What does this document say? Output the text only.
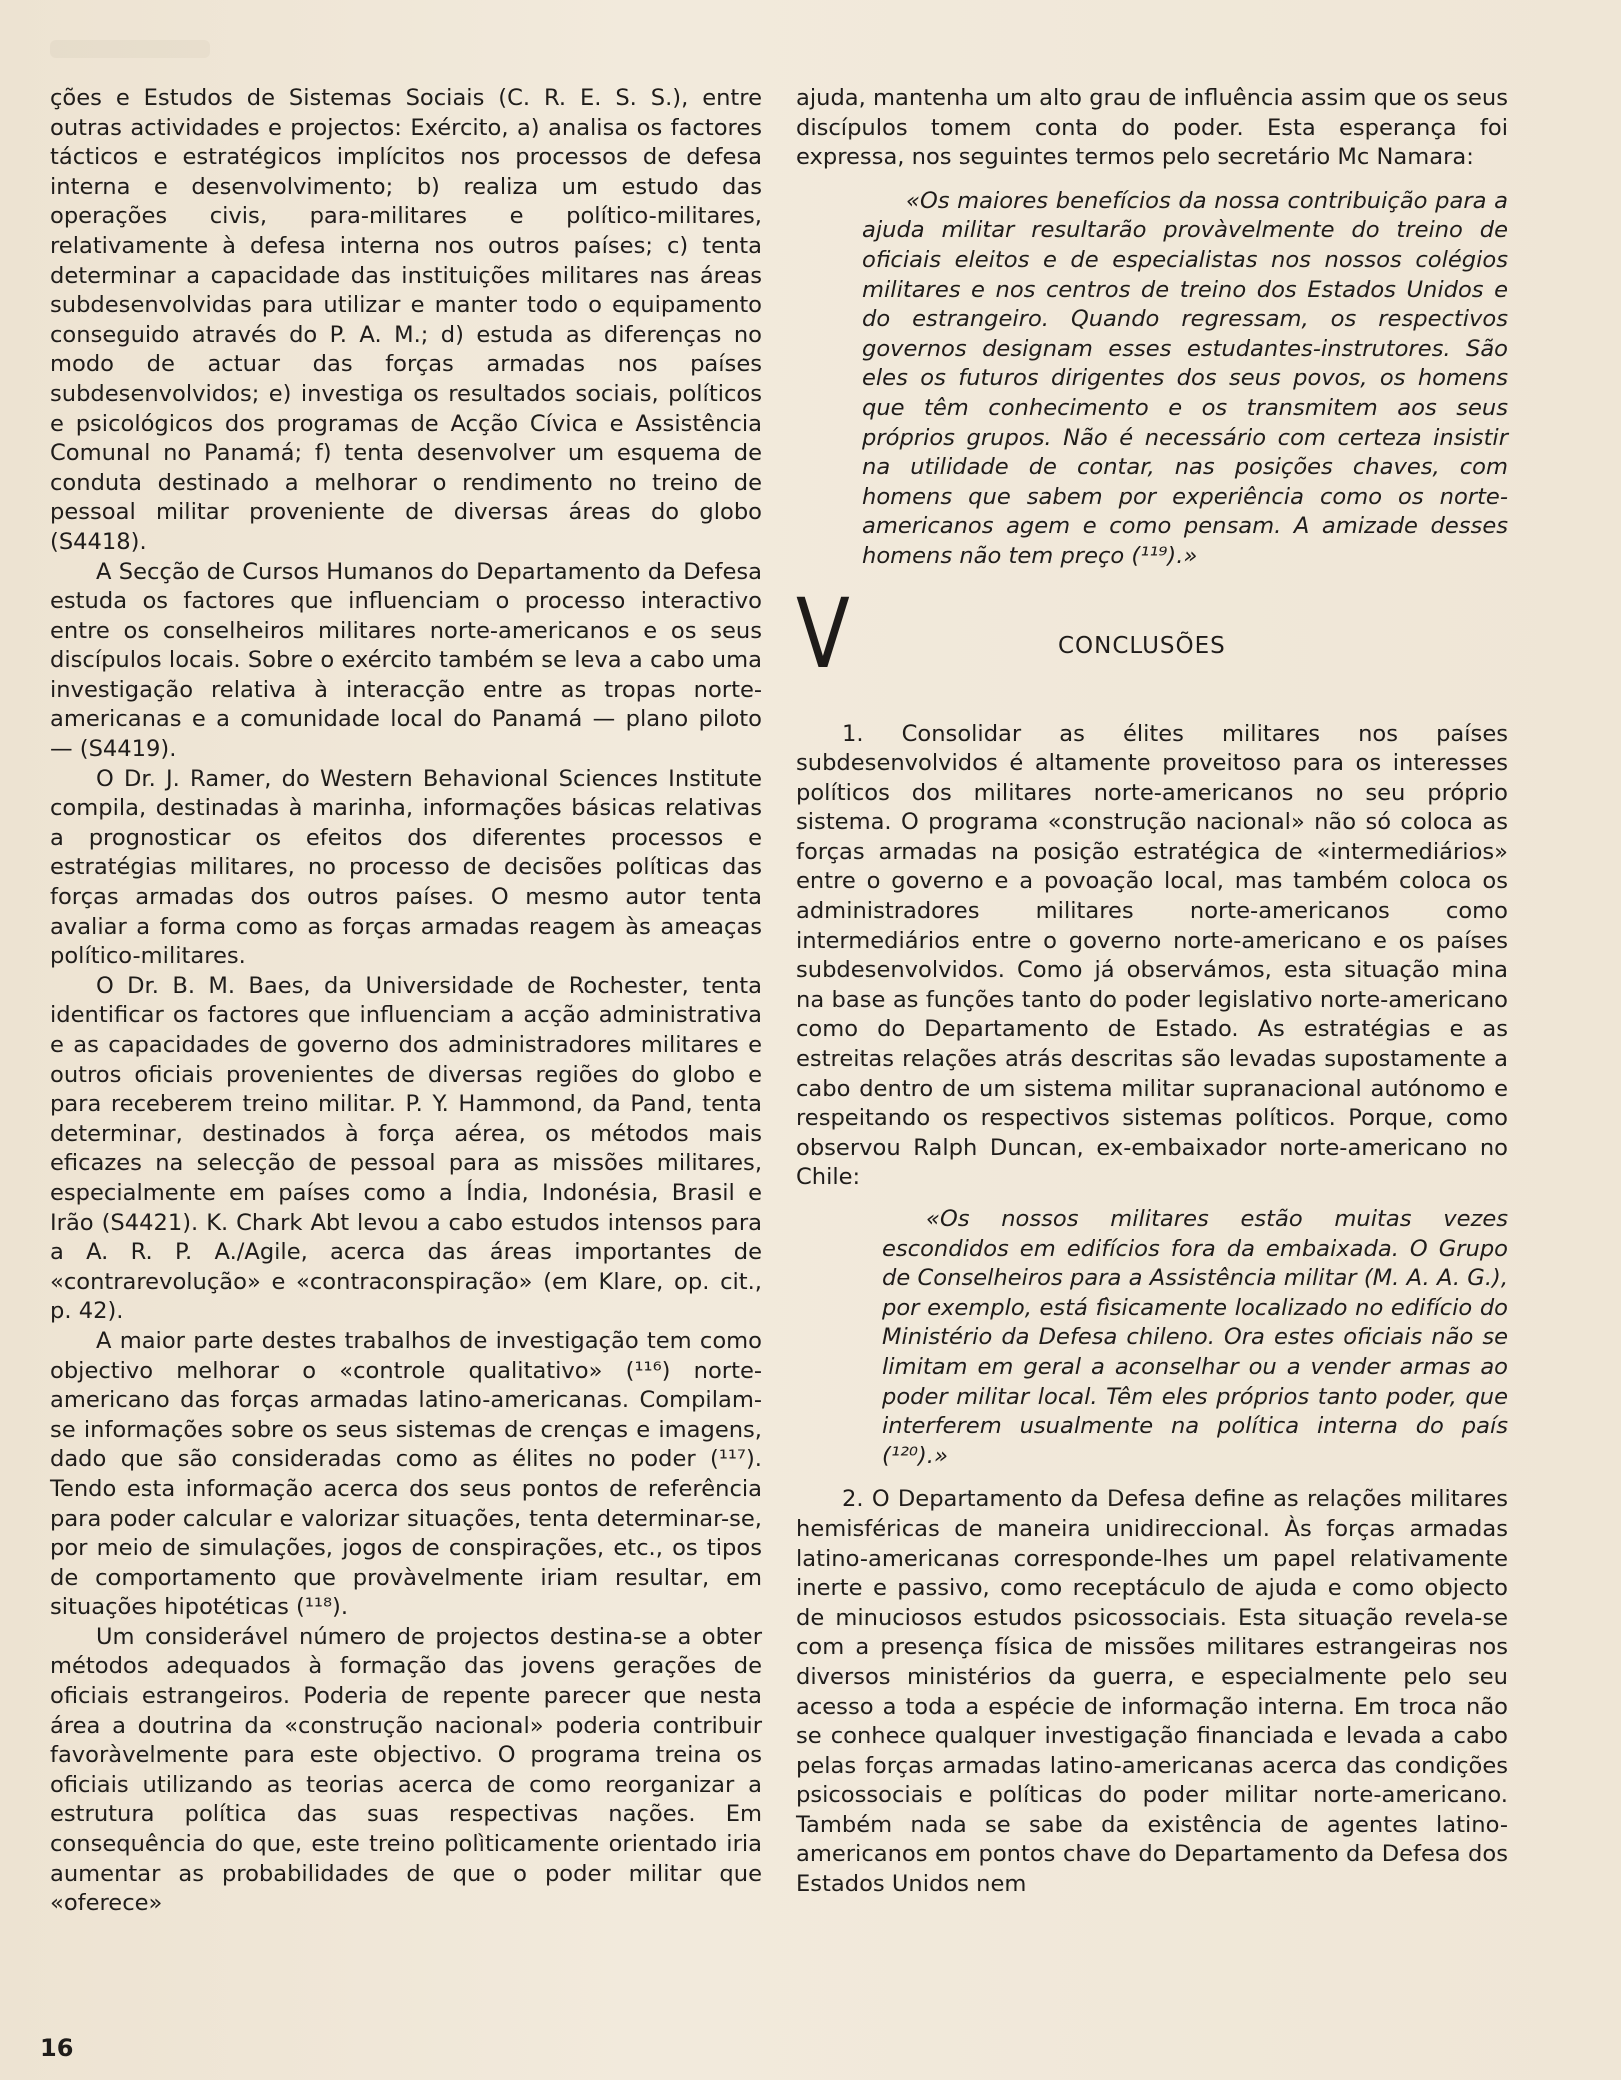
ções e Estudos de Sistemas Sociais (C. R. E. S. S.), entre outras actividades e projectos: Exército, a) analisa os factores tácticos e estratégicos implícitos nos processos de defesa interna e desenvolvimento; b) realiza um estudo das operações civis, para-militares e político-militares, relativamente à defesa interna nos outros países; c) tenta determinar a capacidade das instituições militares nas áreas subdesenvolvidas para utilizar e manter todo o equipamento conseguido através do P. A. M.; d) estuda as diferenças no modo de actuar das forças armadas nos países subdesenvolvidos; e) investiga os resultados sociais, políticos e psicológicos dos programas de Acção Cívica e Assistência Comunal no Panamá; f) tenta desenvolver um esquema de conduta destinado a melhorar o rendimento no treino de pessoal militar proveniente de diversas áreas do globo (S4418).

A Secção de Cursos Humanos do Departamento da Defesa estuda os factores que influenciam o processo interactivo entre os conselheiros militares norte-americanos e os seus discípulos locais. Sobre o exército também se leva a cabo uma investigação relativa à interacção entre as tropas norte-americanas e a comunidade local do Panamá — plano piloto — (S4419).

O Dr. J. Ramer, do Western Behavional Sciences Institute compila, destinadas à marinha, informações básicas relativas a prognosticar os efeitos dos diferentes processos e estratégias militares, no processo de decisões políticas das forças armadas dos outros países. O mesmo autor tenta avaliar a forma como as forças armadas reagem às ameaças político-militares.

O Dr. B. M. Baes, da Universidade de Rochester, tenta identificar os factores que influenciam a acção administrativa e as capacidades de governo dos administradores militares e outros oficiais provenientes de diversas regiões do globo e para receberem treino militar. P. Y. Hammond, da Pand, tenta determinar, destinados à força aérea, os métodos mais eficazes na selecção de pessoal para as missões militares, especialmente em países como a Índia, Indonésia, Brasil e Irão (S4421). K. Chark Abt levou a cabo estudos intensos para a A. R. P. A./Agile, acerca das áreas importantes de «contrarevolução» e «contraconspiração» (em Klare, op. cit., p. 42).

A maior parte destes trabalhos de investigação tem como objectivo melhorar o «controle qualitativo» (¹¹⁶) norte-americano das forças armadas latino-americanas. Compilam-se informações sobre os seus sistemas de crenças e imagens, dado que são consideradas como as élites no poder (¹¹⁷). Tendo esta informação acerca dos seus pontos de referência para poder calcular e valorizar situações, tenta determinar-se, por meio de simulações, jogos de conspirações, etc., os tipos de comportamento que provàvelmente iriam resultar, em situações hipotéticas (¹¹⁸).

Um considerável número de projectos destina-se a obter métodos adequados à formação das jovens gerações de oficiais estrangeiros. Poderia de repente parecer que nesta área a doutrina da «construção nacional» poderia contribuir favoràvelmente para este objectivo. O programa treina os oficiais utilizando as teorias acerca de como reorganizar a estrutura política das suas respectivas nações. Em consequência do que, este treino polìticamente orientado iria aumentar as probabilidades de que o poder militar que «oferece»

ajuda, mantenha um alto grau de influência assim que os seus discípulos tomem conta do poder. Esta esperança foi expressa, nos seguintes termos pelo secretário Mc Namara:

«Os maiores benefícios da nossa contribuição para a ajuda militar resultarão provàvelmente do treino de oficiais eleitos e de especialistas nos nossos colégios militares e nos centros de treino dos Estados Unidos e do estrangeiro. Quando regressam, os respectivos governos designam esses estudantes-instrutores. São eles os futuros dirigentes dos seus povos, os homens que têm conhecimento e os transmitem aos seus próprios grupos. Não é necessário com certeza insistir na utilidade de contar, nas posições chaves, com homens que sabem por experiência como os norte-americanos agem e como pensam. A amizade desses homens não tem preço (¹¹⁹).»

V	CONCLUSÕES

1. Consolidar as élites militares nos países subdesenvolvidos é altamente proveitoso para os interesses políticos dos militares norte-americanos no seu próprio sistema. O programa «construção nacional» não só coloca as forças armadas na posição estratégica de «intermediários» entre o governo e a povoação local, mas também coloca os administradores militares norte-americanos como intermediários entre o governo norte-americano e os países subdesenvolvidos. Como já observámos, esta situação mina na base as funções tanto do poder legislativo norte-americano como do Departamento de Estado. As estratégias e as estreitas relações atrás descritas são levadas supostamente a cabo dentro de um sistema militar supranacional autónomo e respeitando os respectivos sistemas políticos. Porque, como observou Ralph Duncan, ex-embaixador norte-americano no Chile:

«Os nossos militares estão muitas vezes escondidos em edifícios fora da embaixada. O Grupo de Conselheiros para a Assistência militar (M. A. A. G.), por exemplo, está fìsicamente localizado no edifício do Ministério da Defesa chileno. Ora estes oficiais não se limitam em geral a aconselhar ou a vender armas ao poder militar local. Têm eles próprios tanto poder, que interferem usualmente na política interna do país (¹²⁰).»

2. O Departamento da Defesa define as relações militares hemisféricas de maneira unidireccional. Às forças armadas latino-americanas corresponde-lhes um papel relativamente inerte e passivo, como receptáculo de ajuda e como objecto de minuciosos estudos psicossociais. Esta situação revela-se com a presença física de missões militares estrangeiras nos diversos ministérios da guerra, e especialmente pelo seu acesso a toda a espécie de informação interna. Em troca não se conhece qualquer investigação financiada e levada a cabo pelas forças armadas latino-americanas acerca das condições psicossociais e políticas do poder militar norte-americano. Também nada se sabe da existência de agentes latino-americanos em pontos chave do Departamento da Defesa dos Estados Unidos nem

16
